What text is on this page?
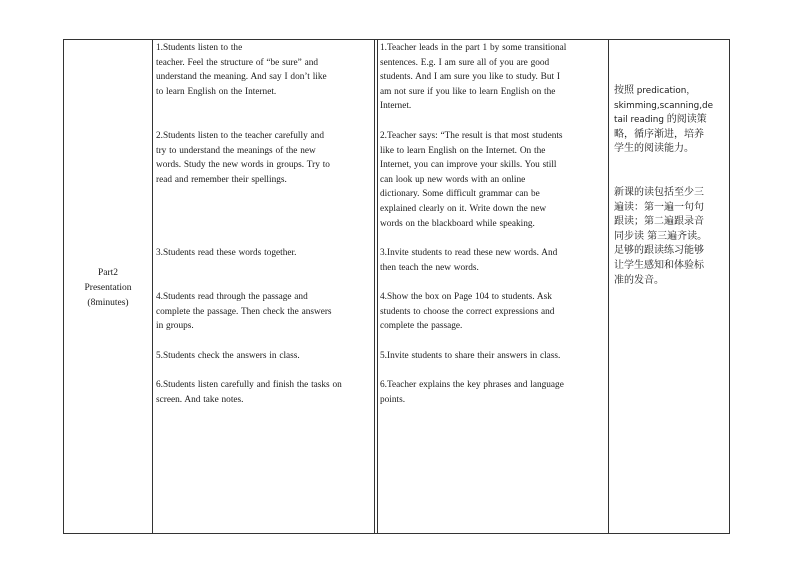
Part2
Presentation
(8minutes)

1.Students listen to the
teacher. Feel the structure of “be sure” and
understand the meaning. And say I don’t like
to learn English on the Internet.

2.Students listen to the teacher carefully and
try to understand the meanings of the new
words. Study the new words in groups. Try to
read and remember their spellings.

3.Students read these words together.

4.Students read through the passage and
complete the passage. Then check the answers
in groups.

5.Students check the answers in class.

6.Students listen carefully and finish the tasks on
screen. And take notes.

1.Teacher leads in the part 1 by some transitional
sentences. E.g. I am sure all of you are good
students. And I am sure you like to study. But I
am not sure if you like to learn English on the
Internet.

2.Teacher says: “The result is that most students
like to learn English on the Internet. On the
Internet, you can improve your skills. You still
can look up new words with an online
dictionary. Some difficult grammar can be
explained clearly on it. Write down the new
words on the blackboard while speaking.

3.Invite students to read these new words. And
then teach the new words.

4.Show the box on Page 104 to students. Ask
students to choose the correct expressions and
complete the passage.

5.Invite students to share their answers in class.

6.Teacher explains the key phrases and language
points.

按照 predication，
skimming,scanning,de
tail reading 的阅读策
略，循序渐进，培养
学生的阅读能力。

新课的读包括至少三
遍读：第一遍一句句
跟读；第二遍跟录音
同步读 第三遍齐读。
足够的跟读练习能够
让学生感知和体验标
准的发音。
